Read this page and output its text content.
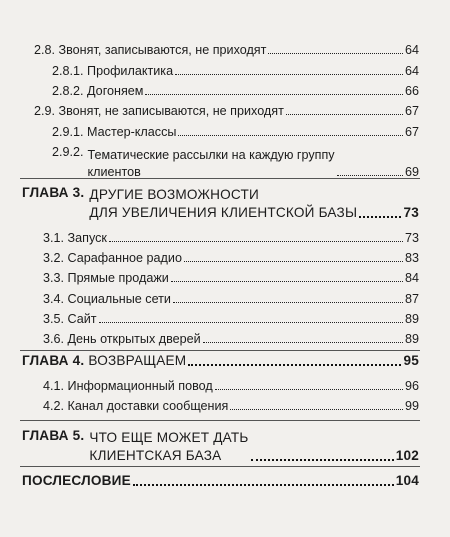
2.8. Звонят, записываются, не приходят	64
2.8.1. Профилактика	64
2.8.2. Догоняем	66
2.9. Звонят, не записываются, не приходят	67
2.9.1. Мастер-классы	67
2.9.2. Тематические рассылки на каждую группу
клиентов	69
ГЛАВА 3. ДРУГИЕ ВОЗМОЖНОСТИ
ДЛЯ УВЕЛИЧЕНИЯ КЛИЕНТСКОЙ БАЗЫ	73
3.1. Запуск	73
3.2. Сарафанное радио	83
3.3. Прямые продажи	84
3.4. Социальные сети	87
3.5. Сайт	89
3.6. День открытых дверей	89
ГЛАВА 4. ВОЗВРАЩАЕМ	95
4.1. Информационный повод	96
4.2. Канал доставки сообщения	99
ГЛАВА 5. ЧТО ЕЩЕ МОЖЕТ ДАТЬ
КЛИЕНТСКАЯ БАЗА	102
ПОСЛЕСЛОВИЕ	104
